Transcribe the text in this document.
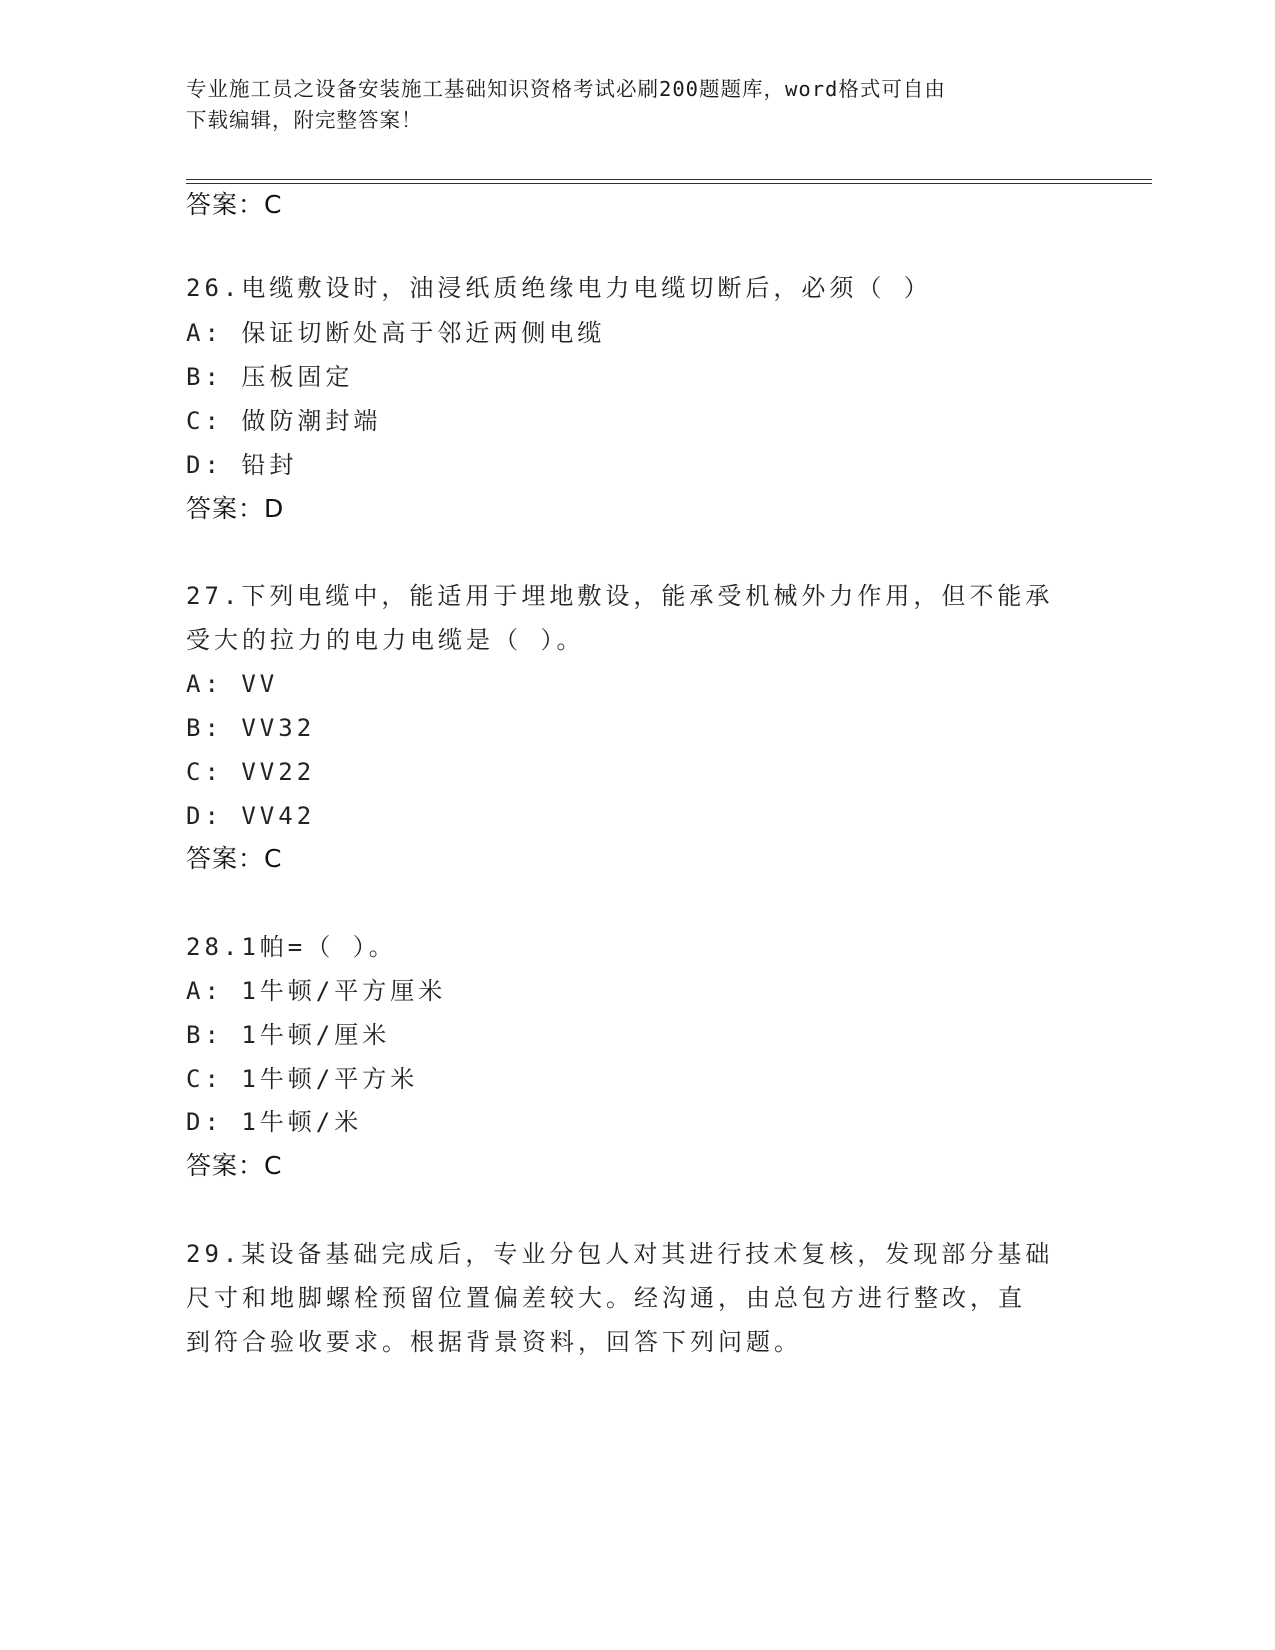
专业施工员之设备安装施工基础知识资格考试必刷200题题库，word格式可自由
下载编辑，附完整答案！
答案：C
26.电缆敷设时，油浸纸质绝缘电力电缆切断后，必须（ ）
A: 保证切断处高于邻近两侧电缆
B: 压板固定
C: 做防潮封端
D: 铅封
答案：D
27.下列电缆中，能适用于埋地敷设，能承受机械外力作用，但不能承
受大的拉力的电力电缆是（ ）。
A: VV
B: VV32
C: VV22
D: VV42
答案：C
28.1帕=（ ）。
A: 1牛顿/平方厘米
B: 1牛顿/厘米
C: 1牛顿/平方米
D: 1牛顿/米
答案：C
29.某设备基础完成后，专业分包人对其进行技术复核，发现部分基础
尺寸和地脚螺栓预留位置偏差较大。经沟通，由总包方进行整改，直
到符合验收要求。根据背景资料，回答下列问题。
